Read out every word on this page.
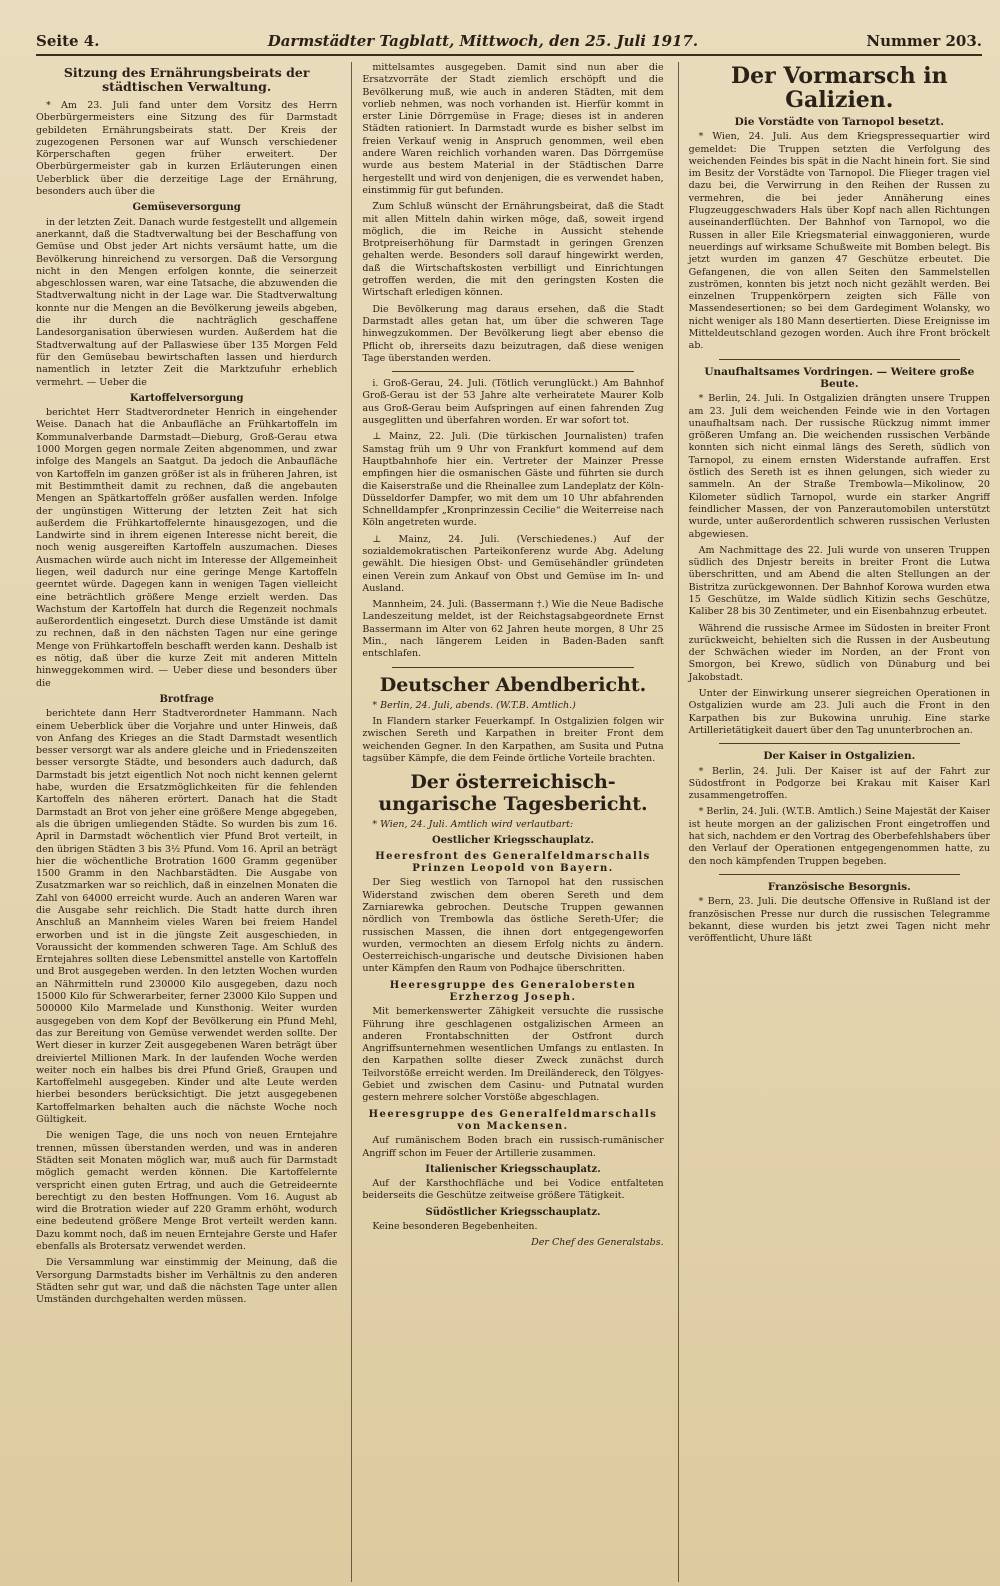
Seite 4.	Darmstädter Tagblatt, Mittwoch, den 25. Juli 1917.	Nummer 203.
Sitzung des Ernährungsbeirats der städtischen Verwaltung.

* Am 23. Juli fand unter dem Vorsitz des Herrn Oberbürgermeisters eine Sitzung des für Darmstadt gebildeten Ernährungsbeirats statt. Der Kreis der zugezogenen Personen war auf Wunsch verschiedener Körperschaften gegen früher erweitert. Der Oberbürgermeister gab in kurzen Erläuterungen einen Ueberblick über die derzeitige Lage der Ernährung, besonders auch über die

Gemüseversorgung

in der letzten Zeit. Danach wurde festgestellt und allgemein anerkannt, daß die Stadtverwaltung bei der Beschaffung von Gemüse und Obst jeder Art nichts versäumt hatte, um die Bevölkerung hinreichend zu versorgen. Daß die Versorgung nicht in den Mengen erfolgen konnte, die seinerzeit abgeschlossen waren, war eine Tatsache, die abzuwenden die Stadtverwaltung nicht in der Lage war. Die Stadtverwaltung konnte nur die Mengen an die Bevölkerung jeweils abgeben, die ihr durch die nachträglich geschaffene Landesorganisation überwiesen wurden. Außerdem hat die Stadtverwaltung auf der Pallaswiese über 135 Morgen Feld für den Gemüsebau bewirtschaften lassen und hierdurch namentlich in letzter Zeit die Marktzufuhr erheblich vermehrt. — Ueber die

Kartoffelversorgung

berichtet Herr Stadtverordneter Henrich in eingehender Weise. Danach hat die Anbaufläche an Frühkartoffeln im Kommunalverbande Darmstadt—Dieburg, Groß-Gerau etwa 1000 Morgen gegen normale Zeiten abgenommen, und zwar infolge des Mangels an Saatgut. Da jedoch die Anbaufläche von Kartoffeln im ganzen größer ist als in früheren Jahren, ist mit Bestimmtheit damit zu rechnen, daß die angebauten Mengen an Spätkartoffeln größer ausfallen werden. Infolge der ungünstigen Witterung der letzten Zeit hat sich außerdem die Frühkartoffelernte hinausgezogen, und die Landwirte sind in ihrem eigenen Interesse nicht bereit, die noch wenig ausgereiften Kartoffeln auszumachen. Dieses Ausmachen würde auch nicht im Interesse der Allgemeinheit liegen, weil dadurch nur eine geringe Menge Kartoffeln geerntet würde. Dagegen kann in wenigen Tagen vielleicht eine beträchtlich größere Menge erzielt werden. Das Wachstum der Kartoffeln hat durch die Regenzeit nochmals außerordentlich eingesetzt. Durch diese Umstände ist damit zu rechnen, daß in den nächsten Tagen nur eine geringe Menge von Frühkartoffeln beschafft werden kann. Deshalb ist es nötig, daß über die kurze Zeit mit anderen Mitteln hinweggekommen wird. — Ueber diese und besonders über die

Brotfrage

berichtete dann Herr Stadtverordneter Hammann. Nach einem Ueberblick über die Vorjahre und unter Hinweis, daß von Anfang des Krieges an die Stadt Darmstadt wesentlich besser versorgt war als andere gleiche und in Friedenszeiten besser versorgte Städte, und besonders auch dadurch, daß Darmstadt bis jetzt eigentlich Not noch nicht kennen gelernt habe, wurden die Ersatzmöglichkeiten für die fehlenden Kartoffeln des näheren erörtert. Danach hat die Stadt Darmstadt an Brot von jeher eine größere Menge abgegeben, als die übrigen umliegenden Städte. So wurden bis zum 16. April in Darmstadt wöchentlich vier Pfund Brot verteilt, in den übrigen Städten 3 bis 3½ Pfund. Vom 16. April an beträgt hier die wöchentliche Brotration 1600 Gramm gegenüber 1500 Gramm in den Nachbarstädten. Die Ausgabe von Zusatzmarken war so reichlich, daß in einzelnen Monaten die Zahl von 64000 erreicht wurde. Auch an anderen Waren war die Ausgabe sehr reichlich. Die Stadt hatte durch ihren Anschluß an Mannheim vieles Waren bei freiem Handel erworben und ist in die jüngste Zeit ausgeschieden, in Voraussicht der kommenden schweren Tage. Am Schluß des Erntejahres sollten diese Lebensmittel anstelle von Kartoffeln und Brot ausgegeben werden. In den letzten Wochen wurden an Nährmitteln rund 230000 Kilo ausgegeben, dazu noch 15000 Kilo für Schwerarbeiter, ferner 23000 Kilo Suppen und 500000 Kilo Marmelade und Kunsthonig. Weiter wurden ausgegeben von dem Kopf der Bevölkerung ein Pfund Mehl, das zur Bereitung von Gemüse verwendet werden sollte. Der Wert dieser in kurzer Zeit ausgegebenen Waren beträgt über dreiviertel Millionen Mark. In der laufenden Woche werden weiter noch ein halbes bis drei Pfund Grieß, Graupen und Kartoffelmehl ausgegeben. Kinder und alte Leute werden hierbei besonders berücksichtigt. Die jetzt ausgegebenen Kartoffelmarken behalten auch die nächste Woche noch Gültigkeit.

Die wenigen Tage, die uns noch von neuen Erntejahre trennen, müssen überstanden werden, und was in anderen Städten seit Monaten möglich war, muß auch für Darmstadt möglich gemacht werden können. Die Kartoffelernte verspricht einen guten Ertrag, und auch die Getreideernte berechtigt zu den besten Hoffnungen. Vom 16. August ab wird die Brotration wieder auf 220 Gramm erhöht, wodurch eine bedeutend größere Menge Brot verteilt werden kann. Dazu kommt noch, daß im neuen Erntejahre Gerste und Hafer ebenfalls als Brotersatz verwendet werden.

Die Versammlung war einstimmig der Meinung, daß die Versorgung Darmstadts bisher im Verhältnis zu den anderen Städten sehr gut war, und daß die nächsten Tage unter allen Umständen durchgehalten werden müssen.

mittelsamtes ausgegeben. Damit sind nun aber die Ersatzvorräte der Stadt ziemlich erschöpft und die Bevölkerung muß, wie auch in anderen Städten, mit dem vorlieb nehmen, was noch vorhanden ist. Hierfür kommt in erster Linie Dörrgemüse in Frage; dieses ist in anderen Städten rationiert. In Darmstadt wurde es bisher selbst im freien Verkauf wenig in Anspruch genommen, weil eben andere Waren reichlich vorhanden waren. Das Dörrgemüse wurde aus bestem Material in der Städtischen Darre hergestellt und wird von denjenigen, die es verwendet haben, einstimmig für gut befunden.

Zum Schluß wünscht der Ernährungsbeirat, daß die Stadt mit allen Mitteln dahin wirken möge, daß, soweit irgend möglich, die im Reiche in Aussicht stehende Brotpreiserhöhung für Darmstadt in geringen Grenzen gehalten werde. Besonders soll darauf hingewirkt werden, daß die Wirtschaftskosten verbilligt und Einrichtungen getroffen werden, die mit den geringsten Kosten die Wirtschaft erledigen können.

Die Bevölkerung mag daraus ersehen, daß die Stadt Darmstadt alles getan hat, um über die schweren Tage hinwegzukommen. Der Bevölkerung liegt aber ebenso die Pflicht ob, ihrerseits dazu beizutragen, daß diese wenigen Tage überstanden werden.

i. Groß-Gerau, 24. Juli. (Tötlich verunglückt.) Am Bahnhof Groß-Gerau ist der 53 Jahre alte verheiratete Maurer Kolb aus Groß-Gerau beim Aufspringen auf einen fahrenden Zug ausgeglitten und überfahren worden. Er war sofort tot.

⊥ Mainz, 22. Juli. (Die türkischen Journalisten) trafen Samstag früh um 9 Uhr von Frankfurt kommend auf dem Hauptbahnhofe hier ein. Vertreter der Mainzer Presse empfingen hier die osmanischen Gäste und führten sie durch die Kaiserstraße und die Rheinallee zum Landeplatz der Köln-Düsseldorfer Dampfer, wo mit dem um 10 Uhr abfahrenden Schnelldampfer „Kronprinzessin Cecilie“ die Weiterreise nach Köln angetreten wurde.

⊥ Mainz, 24. Juli. (Verschiedenes.) Auf der sozialdemokratischen Parteikonferenz wurde Abg. Adelung gewählt. Die hiesigen Obst- und Gemüsehändler gründeten einen Verein zum Ankauf von Obst und Gemüse im In- und Ausland.

Mannheim, 24. Juli. (Bassermann †.) Wie die Neue Badische Landeszeitung meldet, ist der Reichstagsabgeordnete Ernst Bassermann im Alter von 62 Jahren heute morgen, 8 Uhr 25 Min., nach längerem Leiden in Baden-Baden sanft entschlafen.

Deutscher Abendbericht.

* Berlin, 24. Juli, abends. (W.T.B. Amtlich.)

In Flandern starker Feuerkampf. In Ostgalizien folgen wir zwischen Sereth und Karpathen in breiter Front dem weichenden Gegner. In den Karpathen, am Susita und Putna tagsüber Kämpfe, die dem Feinde örtliche Vorteile brachten.

Der österreichisch-ungarische Tagesbericht.

* Wien, 24. Juli. Amtlich wird verlautbart:

Oestlicher Kriegsschauplatz.
Heeresfront des Generalfeldmarschalls Prinzen Leopold von Bayern.

Der Sieg westlich von Tarnopol hat den russischen Widerstand zwischen dem oberen Sereth und dem Zarniarewka gebrochen. Deutsche Truppen gewannen nördlich von Trembowla das östliche Sereth-Ufer; die russischen Massen, die ihnen dort entgegengeworfen wurden, vermochten an diesem Erfolg nichts zu ändern. Oesterreichisch-ungarische und deutsche Divisionen haben unter Kämpfen den Raum von Podhajce überschritten.

Heeresgruppe des Generalobersten Erzherzog Joseph.

Mit bemerkenswerter Zähigkeit versuchte die russische Führung ihre geschlagenen ostgalizischen Armeen an anderen Frontabschnitten der Ostfront durch Angriffsunternehmen wesentlichen Umfangs zu entlasten. In den Karpathen sollte dieser Zweck zunächst durch Teilvorstöße erreicht werden. Im Dreiländereck, den Tölgyes-Gebiet und zwischen dem Casinu- und Putnatal wurden gestern mehrere solcher Vorstöße abgeschlagen.

Heeresgruppe des Generalfeldmarschalls von Mackensen.

Auf rumänischem Boden brach ein russisch-rumänischer Angriff schon im Feuer der Artillerie zusammen.

Italienischer Kriegsschauplatz.

Auf der Karsthochfläche und bei Vodice entfalteten beiderseits die Geschütze zeitweise größere Tätigkeit.

Südöstlicher Kriegsschauplatz.

Keine besonderen Begebenheiten.

Der Chef des Generalstabs.

Der Vormarsch in Galizien.
Die Vorstädte von Tarnopol besetzt.

* Wien, 24. Juli. Aus dem Kriegspressequartier wird gemeldet: Die Truppen setzten die Verfolgung des weichenden Feindes bis spät in die Nacht hinein fort. Sie sind im Besitz der Vorstädte von Tarnopol. Die Flieger tragen viel dazu bei, die Verwirrung in den Reihen der Russen zu vermehren, die bei jeder Annäherung eines Flugzeuggeschwaders Hals über Kopf nach allen Richtungen auseinanderflüchten. Der Bahnhof von Tarnopol, wo die Russen in aller Eile Kriegsmaterial einwaggonieren, wurde neuerdings auf wirksame Schußweite mit Bomben belegt. Bis jetzt wurden im ganzen 47 Geschütze erbeutet. Die Gefangenen, die von allen Seiten den Sammelstellen zuströmen, konnten bis jetzt noch nicht gezählt werden. Bei einzelnen Truppenkörpern zeigten sich Fälle von Massendesertionen; so bei dem Gardegiment Wolansky, wo nicht weniger als 180 Mann desertierten. Diese Ereignisse im Mitteldeutschland gezogen worden. Auch ihre Front bröckelt ab.

Unaufhaltsames Vordringen. — Weitere große Beute.

* Berlin, 24. Juli. In Ostgalizien drängten unsere Truppen am 23. Juli dem weichenden Feinde wie in den Vortagen unaufhaltsam nach. Der russische Rückzug nimmt immer größeren Umfang an. Die weichenden russischen Verbände konnten sich nicht einmal längs des Sereth, südlich von Tarnopol, zu einem ernsten Widerstande aufraffen. Erst östlich des Sereth ist es ihnen gelungen, sich wieder zu sammeln. An der Straße Trembowla—Mikolinow, 20 Kilometer südlich Tarnopol, wurde ein starker Angriff feindlicher Massen, der von Panzerautomobilen unterstützt wurde, unter außerordentlich schweren russischen Verlusten abgewiesen.

Am Nachmittage des 22. Juli wurde von unseren Truppen südlich des Dnjestr bereits in breiter Front die Lutwa überschritten, und am Abend die alten Stellungen an der Bistritza zurückgewonnen. Der Bahnhof Korowa wurden etwa 15 Geschütze, im Walde südlich Kitizin sechs Geschütze, Kaliber 28 bis 30 Zentimeter, und ein Eisenbahnzug erbeutet.

Während die russische Armee im Südosten in breiter Front zurückweicht, behielten sich die Russen in der Ausbeutung der Schwächen wieder im Norden, an der Front von Smorgon, bei Krewo, südlich von Dünaburg und bei Jakobstadt.

Unter der Einwirkung unserer siegreichen Operationen in Ostgalizien wurde am 23. Juli auch die Front in den Karpathen bis zur Bukowina unruhig. Eine starke Artillerietätigkeit dauert über den Tag ununterbrochen an.

Der Kaiser in Ostgalizien.

* Berlin, 24. Juli. Der Kaiser ist auf der Fahrt zur Südostfront in Podgorze bei Krakau mit Kaiser Karl zusammengetroffen.

* Berlin, 24. Juli. (W.T.B. Amtlich.) Seine Majestät der Kaiser ist heute morgen an der galizischen Front eingetroffen und hat sich, nachdem er den Vortrag des Oberbefehlshabers über den Verlauf der Operationen entgegengenommen hatte, zu den noch kämpfenden Truppen begeben.

Französische Besorgnis.

* Bern, 23. Juli. Die deutsche Offensive in Rußland ist der französischen Presse nur durch die russischen Telegramme bekannt, diese wurden bis jetzt zwei Tagen nicht mehr veröffentlicht, Uhure läßt
